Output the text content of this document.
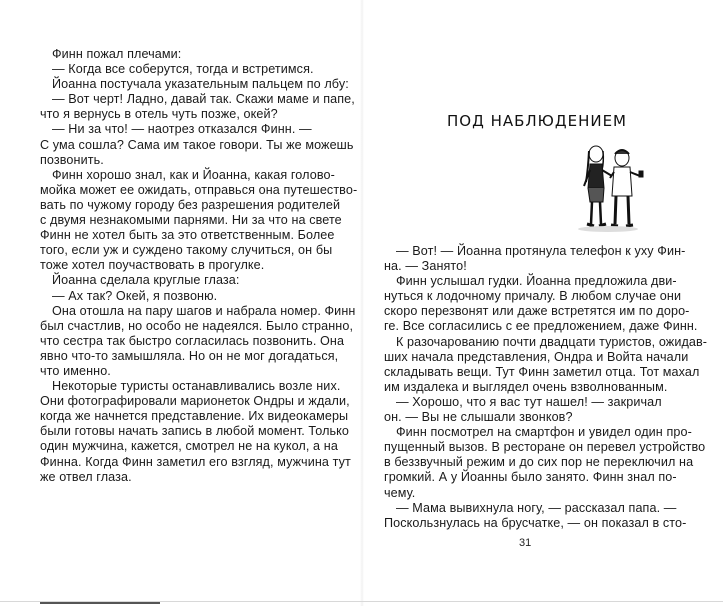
Финн пожал плечами:
— Когда все соберутся, тогда и встретимся.
Йоанна постучала указательным пальцем по лбу:
— Вот черт! Ладно, давай так. Скажи маме и папе,
что я вернусь в отель чуть позже, окей?
— Ни за что! — наотрез отказался Финн. —
С ума сошла? Сама им такое говори. Ты же можешь
позвонить.
Финн хорошо знал, как и Йоанна, какая голово-
мойка может ее ожидать, отправься она путешество-
вать по чужому городу без разрешения родителей
с двумя незнакомыми парнями. Ни за что на свете
Финн не хотел быть за это ответственным. Более
того, если уж и суждено такому случиться, он бы
тоже хотел поучаствовать в прогулке.
Йоанна сделала круглые глаза:
— Ах так? Окей, я позвоню.
Она отошла на пару шагов и набрала номер. Финн
был счастлив, но особо не надеялся. Было странно,
что сестра так быстро согласилась позвонить. Она
явно что-то замышляла. Но он не мог догадаться,
что именно.
Некоторые туристы останавливались возле них.
Они фотографировали марионеток Ондры и ждали,
когда же начнется представление. Их видеокамеры
были готовы начать запись в любой момент. Только
один мужчина, кажется, смотрел не на кукол, а на
Финна. Когда Финн заметил его взгляд, мужчина тут
же отвел глаза.
ПОД НАБЛЮДЕНИЕМ
— Вот! — Йоанна протянула телефон к уху Фин-
на. — Занято!
Финн услышал гудки. Йоанна предложила дви-
нуться к лодочному причалу. В любом случае они
скоро перезвонят или даже встретятся им по доро-
ге. Все согласились с ее предложением, даже Финн.
К разочарованию почти двадцати туристов, ожидав-
ших начала представления, Ондра и Войта начали
складывать вещи. Тут Финн заметил отца. Тот махал
им издалека и выглядел очень взволнованным.
— Хорошо, что я вас тут нашел! — закричал
он. — Вы не слышали звонков?
Финн посмотрел на смартфон и увидел один про-
пущенный вызов. В ресторане он перевел устройство
в беззвучный режим и до сих пор не переключил на
громкий. А у Йоанны было занято. Финн знал по-
чему.
— Мама вывихнула ногу, — рассказал папа. —
Поскользнулась на брусчатке, — он показал в сто-
31
